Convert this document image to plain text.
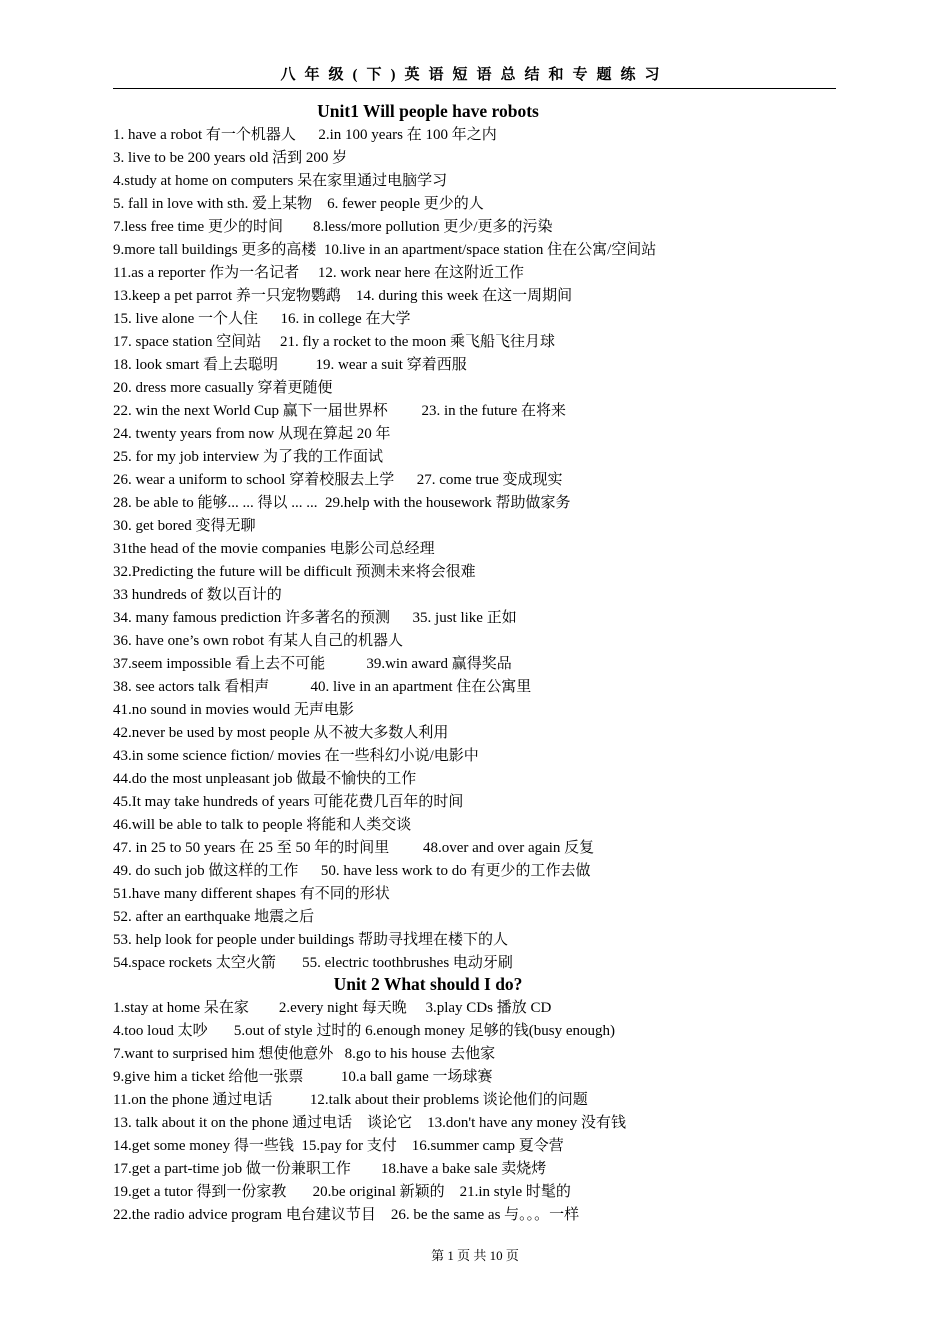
八年级(下)英语短语总结和专题练习
Unit1 Will people have robots
1. have a robot 有一个机器人      2.in 100 years 在 100 年之内
3. live to be 200 years old 活到 200 岁
4.study at home on computers 呆在家里通过电脑学习
5. fall in love with sth. 爱上某物    6. fewer people 更少的人
7.less free time 更少的时间        8.less/more pollution 更少/更多的污染
9.more tall buildings 更多的高楼  10.live in an apartment/space station 住在公寓/空间站
11.as a reporter 作为一名记者     12. work near here 在这附近工作
13.keep a pet parrot 养一只宠物鹦鹉    14. during this week 在这一周期间
15. live alone 一个人住      16. in college 在大学
17. space station 空间站     21. fly a rocket to the moon 乘飞船飞往月球
18. look smart 看上去聪明          19. wear a suit 穿着西服
20. dress more casually 穿着更随便
22. win the next World Cup 赢下一届世界杯         23. in the future 在将来
24. twenty years from now 从现在算起 20 年
25. for my job interview 为了我的工作面试
26. wear a uniform to school 穿着校服去上学      27. come true 变成现实
28. be able to 能够... ... 得以 ... ...  29.help with the housework 帮助做家务
30. get bored 变得无聊
31the head of the movie companies 电影公司总经理
32.Predicting the future will be difficult 预测未来将会很难
33 hundreds of 数以百计的
34. many famous prediction 许多著名的预测      35. just like 正如
36. have one’s own robot 有某人自己的机器人
37.seem impossible 看上去不可能           39.win award 赢得奖品
38. see actors talk 看相声           40. live in an apartment 住在公寓里
41.no sound in movies would 无声电影
42.never be used by most people 从不被大多数人利用
43.in some science fiction/ movies 在一些科幻小说/电影中
44.do the most unpleasant job 做最不愉快的工作
45.It may take hundreds of years 可能花费几百年的时间
46.will be able to talk to people 将能和人类交谈
47. in 25 to 50 years 在 25 至 50 年的时间里         48.over and over again 反复
49. do such job 做这样的工作      50. have less work to do 有更少的工作去做
51.have many different shapes 有不同的形状
52. after an earthquake 地震之后
53. help look for people under buildings 帮助寻找埋在楼下的人
54.space rockets 太空火箭       55. electric toothbrushes 电动牙刷
Unit 2 What should I do?
1.stay at home 呆在家        2.every night 每天晚     3.play CDs 播放 CD
4.too loud 太吵       5.out of style 过时的 6.enough money 足够的钱(busy enough)
7.want to surprised him 想使他意外   8.go to his house 去他家
9.give him a ticket 给他一张票          10.a ball game 一场球赛
11.on the phone 通过电话          12.talk about their problems 谈论他们的问题
13. talk about it on the phone 通过电话    谈论它    13.don't have any money 没有钱
14.get some money 得一些钱  15.pay for 支付    16.summer camp 夏令营
17.get a part-time job 做一份兼职工作        18.have a bake sale 卖烧烤
19.get a tutor 得到一份家教       20.be original 新颖的    21.in style 时髦的
22.the radio advice program 电台建议节目    26. be the same as 与。。。一样
第 1 页 共 10 页
